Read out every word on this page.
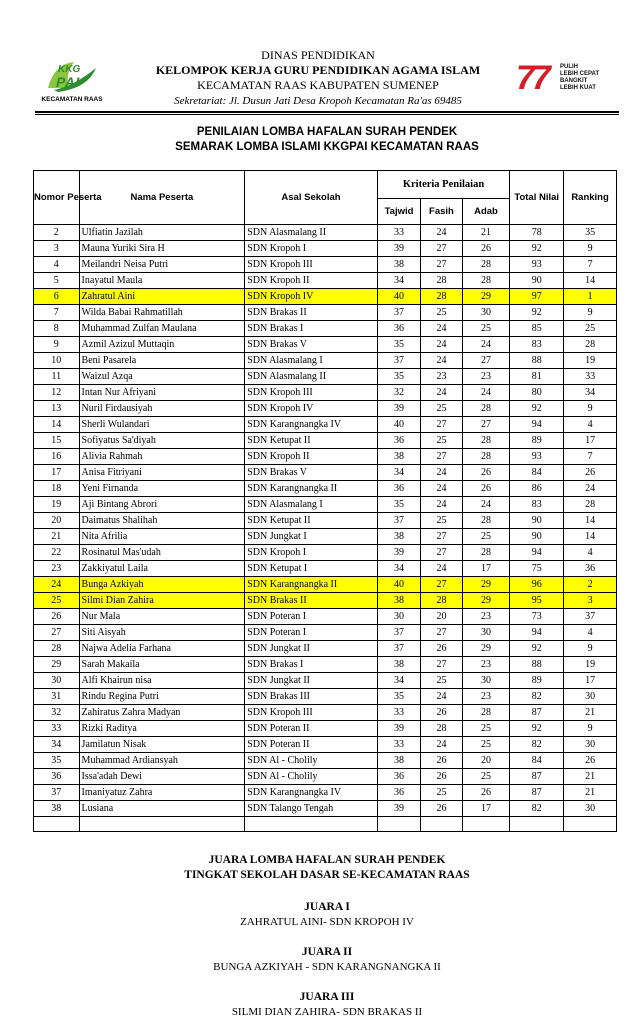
KKG
PAI
KECAMATAN RAAS
DINAS PENDIDIKAN
KELOMPOK KERJA GURU PENDIDIKAN AGAMA ISLAM
KECAMATAN RAAS KABUPATEN SUMENEP
Sekretariat: Jl. Dusun Jati Desa Kropoh Kecamatan Ra'as 69485
77 PULIH
LEBIH CEPAT
BANGKIT
LEBIH KUAT
PENILAIAN LOMBA HAFALAN SURAH PENDEK
SEMARAK LOMBA ISLAMI KKGPAI KECAMATAN RAAS
Nomor Peserta	Nama Peserta	Asal Sekolah	Kriteria Penilaian			Total Nilai	Ranking
			Tajwid	Fasih	Adab		
2	Ulfiatin Jazilah	SDN Alasmalang II	33	24	21	78	35
3	Mauna Yuriki Sira H	SDN Kropoh I	39	27	26	92	9
4	Meilandri Neisa Putri	SDN Kropoh III	38	27	28	93	7
5	Inayatul Maula	SDN Kropoh II	34	28	28	90	14
6	Zahratul Aini	SDN Kropoh IV	40	28	29	97	1
7	Wilda Babai Rahmatillah	SDN Brakas II	37	25	30	92	9
8	Muhammad Zulfan Maulana	SDN Brakas I	36	24	25	85	25
9	Azmil Azizul Muttaqin	SDN Brakas V	35	24	24	83	28
10	Beni Pasarela	SDN Alasmalang I	37	24	27	88	19
11	Waizul Azqa	SDN Alasmalang II	35	23	23	81	33
12	Intan Nur Afriyani	SDN Kropoh III	32	24	24	80	34
13	Nuril Firdausiyah	SDN Kropoh IV	39	25	28	92	9
14	Sherli Wulandari	SDN Karangnangka IV	40	27	27	94	4
15	Sofiyatus Sa'diyah	SDN Ketupat II	36	25	28	89	17
16	Alivia Rahmah	SDN Kropoh II	38	27	28	93	7
17	Anisa Fitriyani	SDN Brakas V	34	24	26	84	26
18	Yeni Firnanda	SDN Karangnangka II	36	24	26	86	24
19	Aji Bintang Abrori	SDN Alasmalang I	35	24	24	83	28
20	Daimatus Shalihah	SDN Ketupat II	37	25	28	90	14
21	Nita Afrilia	SDN Jungkat I	38	27	25	90	14
22	Rosinatul Mas'udah	SDN Kropoh I	39	27	28	94	4
23	Zakkiyatul Laila	SDN Ketupat I	34	24	17	75	36
24	Bunga Azkiyah	SDN Karangnangka II	40	27	29	96	2
25	Silmi Dian Zahira	SDN Brakas II	38	28	29	95	3
26	Nur Mala	SDN Poteran I	30	20	23	73	37
27	Siti Aisyah	SDN Poteran I	37	27	30	94	4
28	Najwa Adelia Farhana	SDN Jungkat II	37	26	29	92	9
29	Sarah Makaila	SDN Brakas I	38	27	23	88	19
30	Alfi Khairun nisa	SDN Jungkat II	34	25	30	89	17
31	Rindu Regina Putri	SDN Brakas III	35	24	23	82	30
32	Zahiratus Zahra Madyan	SDN Kropoh III	33	26	28	87	21
33	Rizki Raditya	SDN Poteran II	39	28	25	92	9
34	Jamilatun Nisak	SDN Poteran II	33	24	25	82	30
35	Muhammad Ardiansyah	SDN Al - Cholily	38	26	20	84	26
36	Issa'adah Dewi	SDN Al - Cholily	36	26	25	87	21
37	Imaniyatuz Zahra	SDN Karangnangka IV	36	25	26	87	21
38	Lusiana	SDN Talango Tengah	39	26	17	82	30

JUARA LOMBA HAFALAN SURAH PENDEK
TINGKAT SEKOLAH DASAR SE-KECAMATAN RAAS
JUARA I
ZAHRATUL AINI- SDN KROPOH IV
JUARA II
BUNGA AZKIYAH - SDN KARANGNANGKA II
JUARA III
SILMI DIAN ZAHIRA- SDN BRAKAS II
